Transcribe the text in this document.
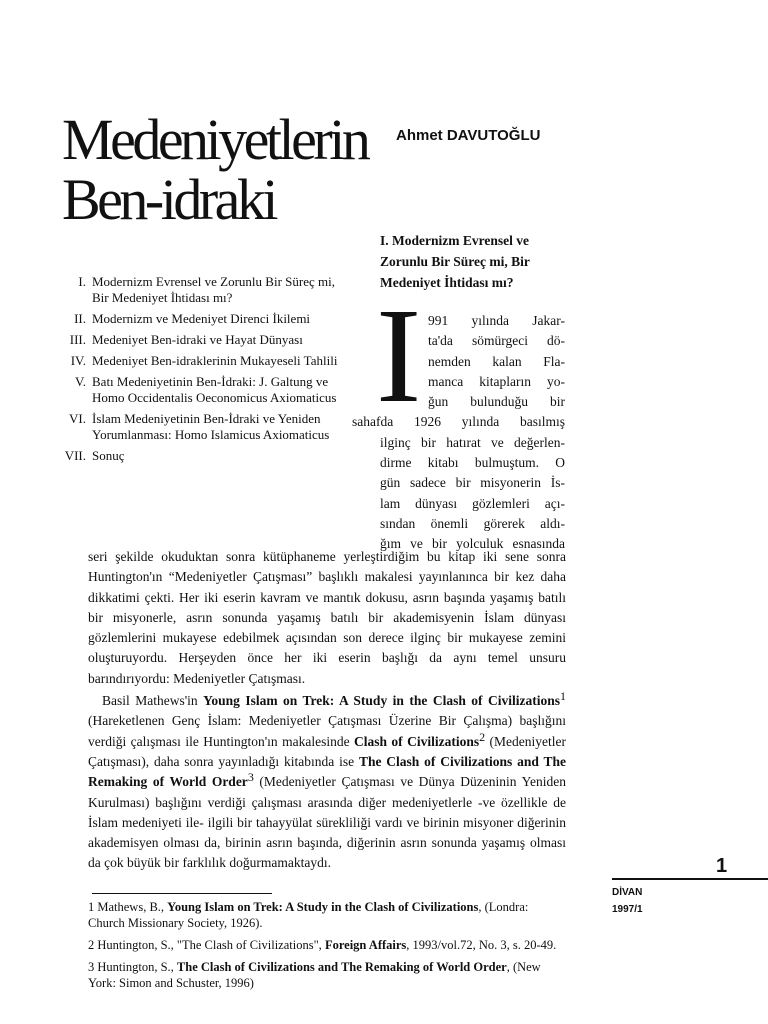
Medeniyetlerin
Ben-idraki
Ahmet DAVUTOĞLU
I. Modernizm Evrensel ve Zorunlu Bir Süreç mi, Bir Medeniyet İhtidası mı?
II. Modernizm ve Medeniyet Direnci İkilemi
III. Medeniyet Ben-idraki ve Hayat Dünyası
IV. Medeniyet Ben-idraklerinin Mukayeseli Tahlili
V. Batı Medeniyetinin Ben-İdraki: J. Galtung ve Homo Occidentalis Oeconomicus Axiomaticus
VI. İslam Medeniyetinin Ben-İdraki ve Yeniden Yorumlanması: Homo Islamicus Axiomaticus
VII. Sonuç
I. Modernizm Evrensel ve Zorunlu Bir Süreç mi, Bir Medeniyet İhtidası mı?
I 991 yılında Jakar-
ta'da sömürgeci dö-
nemden kalan Fla-
manca kitapların yo-
ğun bulunduğu bir
sahafda 1926 yılında basılmış
ilginç bir hatırat ve değerlen-
dirme kitabı bulmuştum. O
gün sadece bir misyonerin İs-
lam dünyası gözlemleri açı-
sından önemli görerek aldı-
ğım ve bir yolculuk esnasında

seri şekilde okuduktan sonra kütüphaneme yerleştirdiğim bu kitap iki sene sonra Huntington'ın “Medeniyetler Çatışması” başlıklı makalesi yayınlanınca bir kez daha dikkatimi çekti. Her iki eserin kavram ve mantık dokusu, asrın başında yaşamış batılı bir misyonerle, asrın sonunda yaşamış batılı bir akademisyenin İslam dünyası gözlemlerini mukayese edebilmek açısından son derece ilginç bir mukayese zemini oluşturuyordu. Herşeyden önce her iki eserin başlığı da aynı temel unsuru barındırıyordu: Medeniyetler Çatışması.

Basil Mathews'in Young Islam on Trek: A Study in the Clash of Civilizations$^1$ (Hareketlenen Genç İslam: Medeniyetler Çatışması Üzerine Bir Çalışma) başlığını verdiği çalışması ile Huntington'ın makalesinde Clash of Civilizations$^2$ (Medeniyetler Çatışması), daha sonra yayınladığı kitabında ise The Clash of Civilizations and The Remaking of World Order$^3$ (Medeniyetler Çatışması ve Dünya Düzeninin Yeniden Kurulması) başlığını verdiği çalışması arasında diğer medeniyetlerle -ve özellikle de İslam medeniyeti ile- ilgili bir tahayyülat sürekliliği vardı ve birinin misyoner diğerinin akademisyen olması da, birinin asrın başında, diğerinin asrın sonunda yaşamış olması da çok büyük bir farklılık doğurmamaktaydı.

1 Mathews, B., Young Islam on Trek: A Study in the Clash of Civilizations, (Londra: Church Missionary Society, 1926).
2 Huntington, S., "The Clash of Civilizations", Foreign Affairs, 1993/vol.72, No. 3, s. 20-49.
3 Huntington, S., The Clash of Civilizations and The Remaking of World Order, (New York: Simon and Schuster, 1996)
1
DİVAN
1997/1
